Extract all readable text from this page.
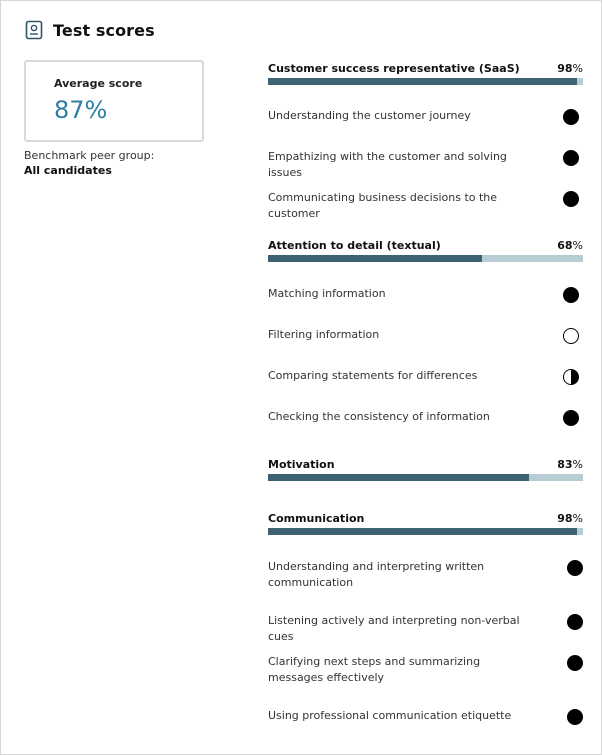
Test scores
Average score
87%
Benchmark peer group:
All candidates
Customer success representative (SaaS)	98%
Understanding the customer journey
Empathizing with the customer and solving issues
Communicating business decisions to the customer
Attention to detail (textual)	68%
Matching information
Filtering information
Comparing statements for differences
Checking the consistency of information
Motivation	83%
Communication	98%
Understanding and interpreting written communication
Listening actively and interpreting non-verbal cues
Clarifying next steps and summarizing messages effectively
Using professional communication etiquette
